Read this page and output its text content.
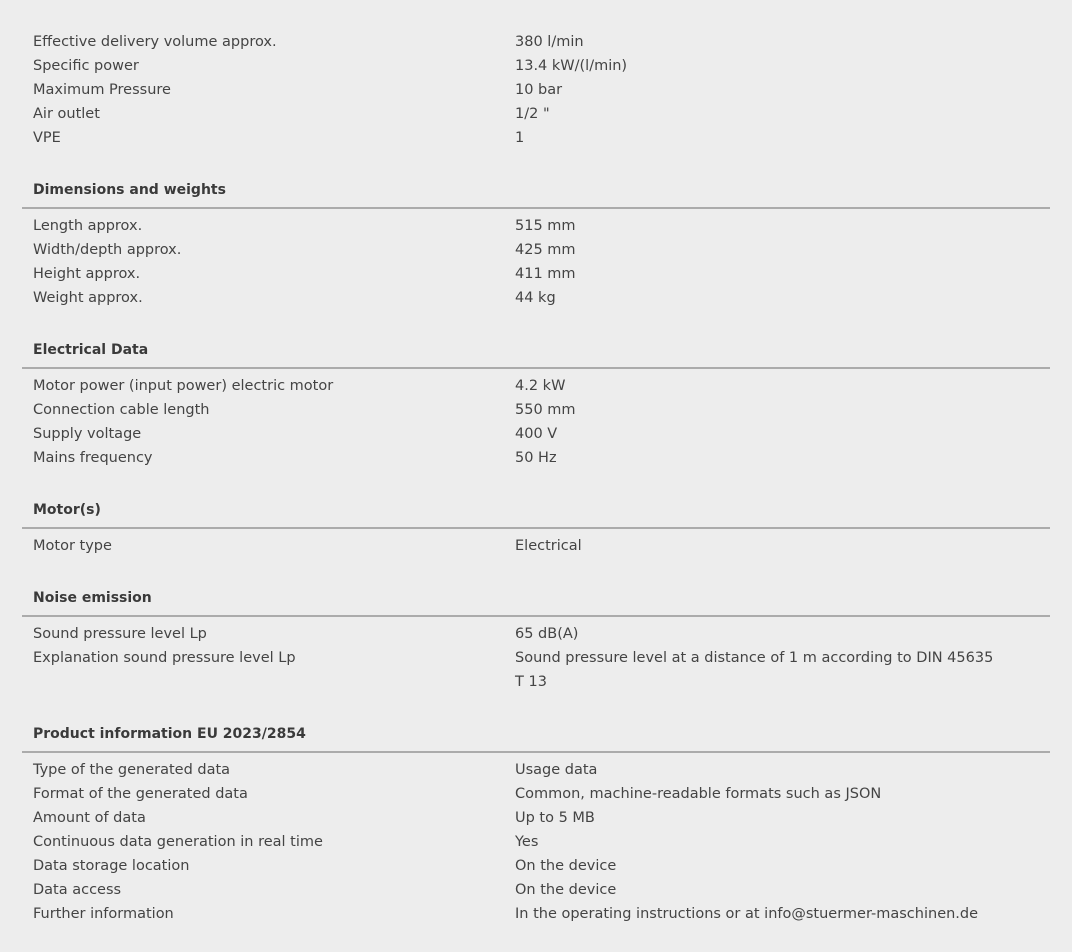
Effective delivery volume approx.	380 l/min
Specific power	13.4 kW/(l/min)
Maximum Pressure	10 bar
Air outlet	1/2 "
VPE	1
Dimensions and weights
Length approx.	515 mm
Width/depth approx.	425 mm
Height approx.	411 mm
Weight approx.	44 kg
Electrical Data
Motor power (input power) electric motor	4.2 kW
Connection cable length	550 mm
Supply voltage	400 V
Mains frequency	50 Hz
Motor(s)
Motor type	Electrical
Noise emission
Sound pressure level Lp	65 dB(A)
Explanation sound pressure level Lp	Sound pressure level at a distance of 1 m according to DIN 45635 T 13
Product information EU 2023/2854
Type of the generated data	Usage data
Format of the generated data	Common, machine-readable formats such as JSON
Amount of data	Up to 5 MB
Continuous data generation in real time	Yes
Data storage location	On the device
Data access	On the device
Further information	In the operating instructions or at info@stuermer-maschinen.de
